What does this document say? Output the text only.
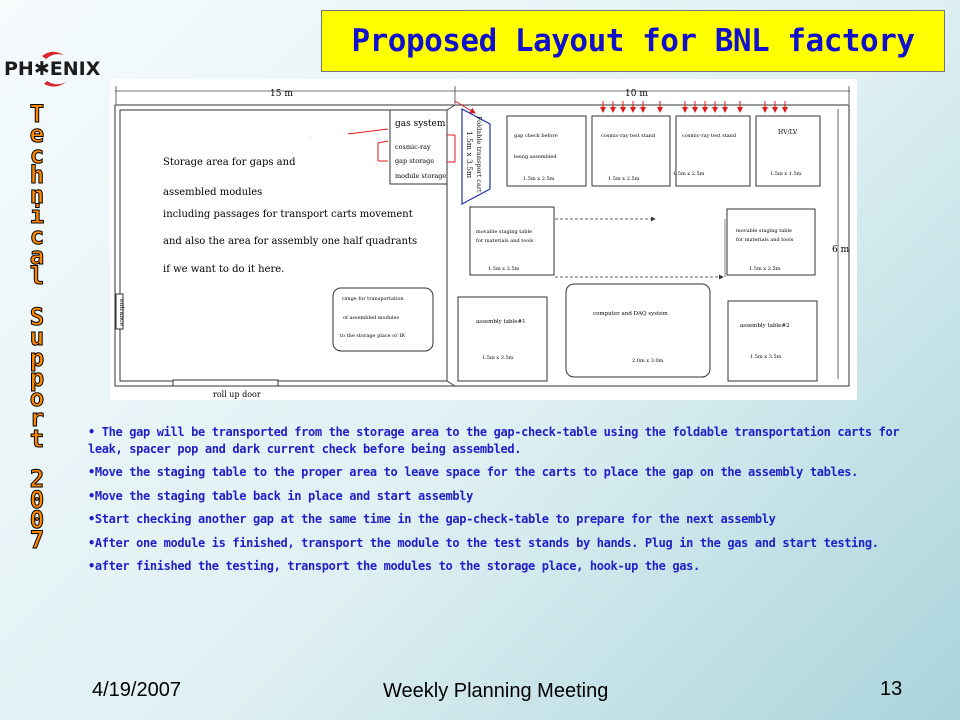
Proposed Layout for BNL factory
PH✱ENIX
T
e
c
h
n
i
c
a
l

S
u
p
p
o
r
t

2
0
0
7
15 m	10 m
6 m
Storage area for gaps and
assembled modules
including passages for transport carts movement
and also the area for assembly one half quadrants
if we want to do it here.
gas system
cosmic-ray
gap storage
module storage
.	Foldable transport cart
1.5m x 3.5m	gap check before
being assembled
1.5m x 2.5m
cosmic-ray test stand
1.5m x 2.5m
cosmic-ray test stand
1.5m x 2.5m
HV/LV
1.5m x 1.5m
movable staging table
for materials and tools
1.5m x 2.5m
movable staging table
for materials and tools
1.5m x 2.5m
range for transportation
of assembled modules
to the storage place or IR
entrance	assembly table#1
1.5m x 3.5m
computer and DAQ system
2.0m x 3.0m
assembly table#2
1.5m x 3.5m
roll up door

• The gap will be transported from the storage area to the gap-check-table using the foldable transportation carts for leak, spacer pop and dark current check before being assembled.

•Move the staging table to the proper area to leave space for the carts to place the gap on the assembly tables.

•Move the staging table back in place and start assembly

•Start checking another gap at the same time in the gap-check-table to prepare for the next assembly

•After one module is finished, transport the module to the test stands by hands. Plug in the gas and start testing.

•after finished the testing, transport the modules to the storage place, hook-up the gas.

4/19/2007	Weekly Planning Meeting	13
